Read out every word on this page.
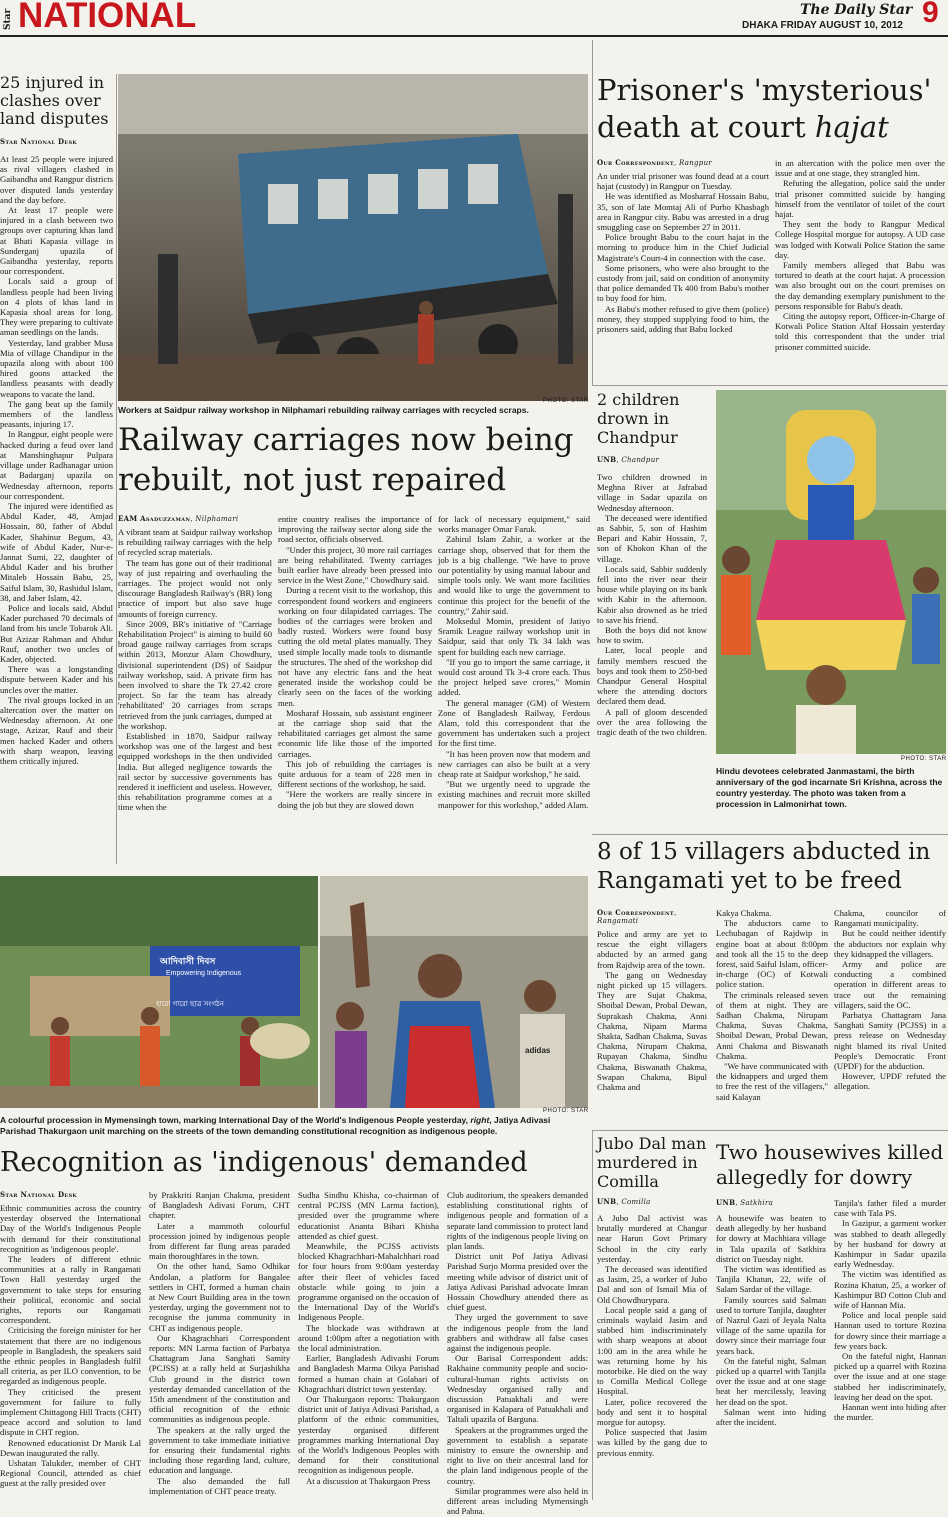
Star NATIONAL	The Daily Star
DHAKA FRIDAY AUGUST 10, 2012 9
25 injured in clashes over land disputes
Star National Desk

At least 25 people were injured as rival villagers clashed in Gaibandha and Rangpur districts over disputed lands yesterday and the day before.

At least 17 people were injured in a clash between two groups over capturing khas land at Bhati Kapasia village in Sunderganj upazila of Gaibandha yesterday, reports our correspondent.

Locals said a group of landless people had been living on 4 plots of khas land in Kapasia shoal areas for long. They were preparing to cultivate aman seedlings on the lands.

Yesterday, land grabber Musa Mia of village Chandipur in the upazila along with about 100 hired goons attacked the landless peasants with deadly weapons to vacate the land.

The gang beat up the family members of the landless peasants, injuring 17.

In Rangpur, eight people were hacked during a feud over land at Manshinghapur Pulpara village under Radhanagar union at Badarganj upazila on Wednesday afternoon, reports our correspondent.

The injured were identified as Abdul Kader, 48, Amjad Hossain, 80, father of Abdul Kader, Shahinur Begum, 43, wife of Abdul Kader, Nur-e-Jannat Sumi, 22, daughter of Abdul Kader and his brother Mitaleb Hossain Babu, 25, Saiful Islam, 30, Rashidul Islam, 38, and Jaber Islam, 42.

Police and locals said, Abdul Kader purchased 70 decimals of land from his uncle Tobarok Ali. But Azizar Rahman and Abdur Rauf, another two uncles of Kader, objected.

There was a longstanding dispute between Kader and his uncles over the matter.

The rival groups locked in an altercation over the matter on Wednesday afternoon. At one stage, Azizar, Rauf and their men hacked Kader and others with sharp weapon, leaving them critically injured.

PHOTO: STAR
Workers at Saidpur railway workshop in Nilphamari rebuilding railway carriages with recycled scraps.
Railway carriages now being rebuilt, not just repaired
EAM Asaduzzaman, Nilphamari

A vibrant team at Saidpur railway workshop is rebuilding railway carriages with the help of recycled scrap materials.

The team has gone out of their traditional way of just repairing and overhauling the carriages. The project would not only discourage Bangladesh Railway's (BR) long practice of import but also save huge amounts of foreign currency.

Since 2009, BR's initiative of "Carriage Rehabilitation Project" is aiming to build 60 broad gauge railway carriages from scraps within 2013, Monzur Alam Chowdhury, divisional superintendent (DS) of Saidpur railway workshop, said. A private firm has been involved to share the Tk 27.42 crore project. So far the team has already 'rehabilitated' 20 carriages from scraps retrieved from the junk carriages, dumped at the workshop.

Established in 1870, Saidpur railway workshop was one of the largest and best equipped workshops in the then undivided India. But alleged negligence towards the rail sector by successive governments has rendered it inefficient and useless. However, this rehabilitation programme comes at a time when the

entire country realises the importance of improving the railway sector along side the road sector, officials observed.

"Under this project, 30 more rail carriages are being rehabilitated. Twenty carriages built earlier have already been pressed into service in the West Zone," Chowdhury said.

During a recent visit to the workshop, this correspondent found workers and engineers working on four dilapidated carriages. The bodies of the carriages were broken and badly rusted. Workers were found busy cutting the old metal plates manually. They used simple locally made tools to dismantle the structures. The shed of the workshop did not have any electric fans and the heat generated inside the workshop could be clearly seen on the faces of the working men.

Mosharaf Hossain, sub assistant engineer at the carriage shop said that the rehabilitated carriages get almost the same economic life like those of the imported carriages.

This job of rebuilding the carriages is quite arduous for a team of 228 men in different sections of the workshop, he said.

"Here the workers are really sincere in doing the job but they are slowed down

for lack of necessary equipment," said works manager Omar Faruk.

Zahirul Islam Zahir, a worker at the carriage shop, observed that for them the job is a big challenge. "We have to prove our potentiality by using manual labour and simple tools only. We want more facilities and would like to urge the government to continue this project for the benefit of the country," Zahir said.

Moksedul Momin, president of Jatiyo Sramik League railway workshop unit in Saidpur, said that only Tk 34 lakh was spent for building each new carriage.

"If you go to import the same carriage, it would cost around Tk 3-4 crore each. Thus the project helped save crores," Momin added.

The general manager (GM) of Western Zone of Bangladesh Railway, Ferdous Alam, told this correspondent that the government has undertaken such a project for the first time.

"It has been proven now that modern and new carriages can also be built at a very cheap rate at Saidpur workshop," he said.

"But we urgently need to upgrade the existing machines and recruit more skilled manpower for this workshop," added Alam.

Prisoner's 'mysterious' death at court hajat
Our Correspondent, Rangpur

An under trial prisoner was found dead at a court hajat (custody) in Rangpur on Tuesday.

He was identified as Mosharraf Hossain Babu, 35, son of late Momtaj Ali of Purbo Khasbagh area in Rangpur city. Babu was arrested in a drug smuggling case on September 27 in 2011.

Police brought Babu to the court hajat in the morning to produce him in the Chief Judicial Magistrate's Court-4 in connection with the case.

Some prisoners, who were also brought to the custody from jail, said on condition of anonymity that police demanded Tk 400 from Babu's mother to buy food for him.

As Babu's mother refused to give them (police) money, they stopped supplying food to him, the prisoners said, adding that Babu locked

in an altercation with the police men over the issue and at one stage, they strangled him.

Refuting the allegation, police said the under trial prisoner committed suicide by hanging himself from the ventilator of toilet of the court hajat.

They sent the body to Rangpur Medical College Hospital morgue for autopsy. A UD case was lodged with Kotwali Police Station the same day.

Family members alleged that Babu was tortured to death at the court hajat. A procession was also brought out on the court premises on the day demanding exemplary punishment to the persons responsible for Babu's death.

Citing the autopsy report, Officer-in-Charge of Kotwali Police Station Altaf Hossain yesterday told this correspondent that the under trial prisoner committed suicide.

2 children drown in Chandpur
UNB, Chandpur

Two children drowned in Meghna River at Jafrabad village in Sadar upazila on Wednesday afternoon.

The deceased were identified as Sabbir, 5, son of Hashim Bepari and Kabir Hossain, 7, son of Khokon Khan of the village.

Locals said, Sabbir suddenly fell into the river near their house while playing on its bank with Kabir in the afternoon. Kabir also drowned as he tried to save his friend.

Both the boys did not know how to swim.

Later, local people and family members rescued the boys and took them to 250-bed Chandpur General Hospital where the attending doctors declared them dead.

A pall of gloom descended over the area following the tragic death of the two children.

PHOTO: STAR
Hindu devotees celebrated Janmastami, the birth anniversary of the god incarnate Sri Krishna, across the country yesterday. The photo was taken from a procession in Lalmonirhat town.
8 of 15 villagers abducted in Rangamati yet to be freed
Our Correspondent, Rangamati

Police and army are yet to rescue the eight villagers abducted by an armed gang from Rajdwip area of the town.

The gang on Wednesday night picked up 15 villagers. They are Sujat Chakma, Shoibal Dewan, Probal Dewan, Suprakash Chakma, Anni Chakma, Nipam Marma Shakta, Sadhan Chakma, Suvas Chakma, Nirupam Chakma, Rupayan Chakma, Sindhu Chakma, Biswanath Chakma, Swapan Chakma, Bipul Chakma and

Kakya Chakma.

The abductors came to Lechubagan of Rajdwip in engine boat at about 8:00pm and took all the 15 to the deep forest, said Saiful Islam, officer-in-charge (OC) of Kotwali police station.

The criminals released seven of them at night. They are Sadhan Chakma, Nirupam Chakma, Suvas Chakma, Shoibal Dewan, Probal Dewan, Anni Chakma and Biswanath Chakma.

"We have communicated with the kidnappers and urged them to free the rest of the villagers," said Kalayan

Chakma, councilor of Rangamati municipality.

But he could neither identify the abductors nor explain why they kidnapped the villagers.

Army and police are conducting a combined operation in different areas to trace out the remaining villagers, said the OC.

Parbatya Chattagram Jana Sanghati Samity (PCJSS) in a press release on Wednesday night blamed its rival United People's Democratic Front (UPDF) for the abduction.

However, UPDF refuted the allegation.

আদিবাসী দিবস
Empowering Indigenous
হারো গারো ছাত্র সংগঠন
adidas
PHOTO: STAR
A colourful procession in Mymensingh town, marking International Day of the World's Indigenous People yesterday, right, Jatiya Adivasi Parishad Thakurgaon unit marching on the streets of the town demanding constitutional recognition as indigenous people.
Recognition as 'indigenous' demanded
Star National Desk

Ethnic communities across the country yesterday observed the International Day of the World's Indigenous People with demand for their constitutional recognition as 'indigenous people'.

The leaders of different ethnic communities at a rally in Rangamati Town Hall yesterday urged the government to take steps for ensuring their political, economic and social rights, reports our Rangamati correspondent.

Criticising the foreign minister for her statement that there are no indigenous people in Bangladesh, the speakers said the ethnic peoples in Bangladesh fulfil all criteria, as per ILO convention, to be regarded as indigenous people.

They criticised the present government for failure to fully implement Chittagong Hill Tracts (CHT) peace accord and solution to land dispute in CHT region.

Renowned educationist Dr Manik Lal Dewan inaugurated the rally.

Ushatan Talukder, member of CHT Regional Council, attended as chief guest at the rally presided over

by Prakkriti Ranjan Chakma, president of Bangladesh Adivasi Forum, CHT chapter.

Later a mammoth colourful procession joined by indigenous people from different far flung areas paraded main thoroughfares in the town.

On the other hand, Samo Odhikar Andolan, a platform for Bangalee settlers in CHT, formed a human chain at New Court Building area in the town yesterday, urging the government not to recognise the jumma community in CHT as indigenous people.

Our Khagrachhari Correspondent reports: MN Larma faction of Parbatya Chattagram Jana Sanghati Samity (PCJSS) at a rally held at Surjashikha Club ground in the district town yesterday demanded cancellation of the 15th amendment of the constitution and official recognition of the ethnic communities as indigenous people.

The speakers at the rally urged the government to take immediate initiative for ensuring their fundamental rights including those regarding land, culture, education and language.

The also demanded the full implementation of CHT peace treaty.

Sudha Sindhu Khisha, co-chairman of central PCJSS (MN Larma faction), presided over the programme where educationist Ananta Bihari Khisha attended as chief guest.

Meanwhile, the PCJSS activists blocked Khagrachhari-Mahalchhari road for four hours from 9:00am yesterday after their fleet of vehicles faced obstacle while going to join a programme organised on the occasion of the International Day of the World's Indigenous People.

The blockade was withdrawn at around 1:00pm after a negotiation with the local administration.

Earlier, Bangladesh Adivashi Forum and Bangladesh Marma Oikya Parishad formed a human chain at Golabari of Khagrachhari district town yesterday.

Our Thakurgaon reports: Thakurgaon district unit of Jatiya Adivasi Parishad, a platform of the ethnic communities, yesterday organised different programmes marking International Day of the World's Indigenous Peoples with demand for their constitutional recognition as indigenous people.

At a discussion at Thakurgaon Press

Club auditorium, the speakers demanded establishing constitutional rights of indigenous people and formation of a separate land commission to protect land rights of the indigenous people living on plan lands.

District unit Pof Jatiya Adivasi Parishad Surjo Morma presided over the meeting while advisor of district unit of Jatiya Adivasi Parishad advocate Imran Hossain Chowdhury attended there as chief guest.

They urged the government to save the indigenous people from the land grabbers and withdraw all false cases against the indigenous people.

Our Barisal Correspondent adds: Rakhaine community people and socio-cultural-human rights activists on Wednesday organised rally and discussion Patuakhali and were organised in Kalapara of Patuakhali and Taltali upazila of Barguna.

Speakers at the programmes urged the government to establish a separate ministry to ensure the ownership and right to live on their ancestral land for the plain land indigenous people of the country.

Similar programmes were also held in different areas including Mymensingh and Pabna.

Jubo Dal man murdered in Comilla
UNB, Comilla

A Jubo Dal activist was brutally murdered at Changur near Harun Govt Primary School in the city early yesterday.

The deceased was identified as Jasim, 25, a worker of Jubo Dal and son of Ismail Mia of Old Chowdhurypara.

Local people said a gang of criminals waylaid Jasim and stabbed him indiscriminately with sharp weapons at about 1:00 am in the area while he was returning home by his motorbike. He died on the way to Comilla Medical College Hospital.

Later, police recovered the body and sent it to hospital morgue for autopsy.

Police suspected that Jasim was killed by the gang due to previous enmity.

Two housewives killed allegedly for dowry
UNB, Satkhira

A housewife was beaten to death allegedly by her husband for dowry at Machhiara village in Tala upazila of Satkhira district on Tuesday night.

The victim was identified as Tanjila Khatun, 22, wife of Salam Sardar of the village.

Family sources said Salman used to torture Tanjila, daughter of Nazrul Gazi of Jeyala Nalta village of the same upazila for dowry since their marriage four years back.

On the fateful night, Salman picked up a quarrel with Tanjila over the issue and at one stage beat her mercilessly, leaving her dead on the spot.

Salman went into hiding after the incident.

Tanjila's father filed a murder case with Tala PS.

In Gazipur, a garment worker was stabbed to death allegedly by her husband for dowry at Kashimpur in Sadar upazila early Wednesday.

The victim was identified as Rozina Khatun, 25, a worker of Kashimpur BD Cotton Club and wife of Hannan Mia.

Police and local people said Hannan used to torture Rozina for dowry since their marriage a few years back.

On the fateful night, Hannan picked up a quarrel with Rozina over the issue and at one stage stabbed her indiscriminately, leaving her dead on the spot.

Hannan went into hiding after the murder.
